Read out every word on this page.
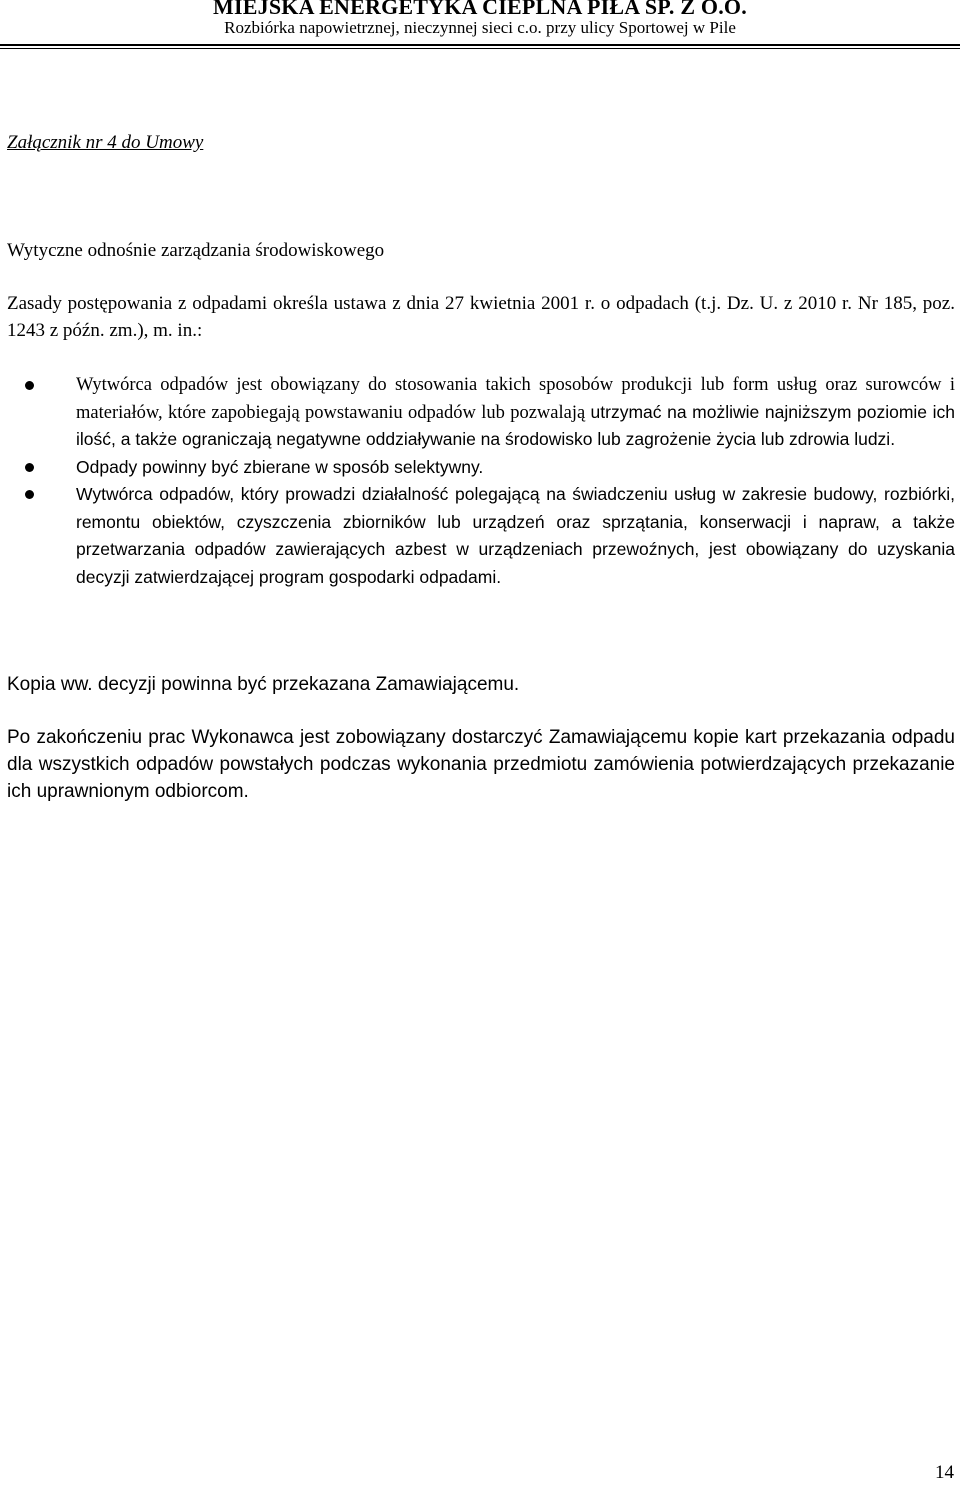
MIEJSKA ENERGETYKA CIEPLNA PIŁA SP. Z O.O.
Rozbiórka napowietrznej, nieczynnej sieci c.o. przy ulicy Sportowej w Pile
Załącznik nr 4 do Umowy
Wytyczne odnośnie zarządzania środowiskowego
Zasady postępowania z odpadami określa ustawa z dnia 27 kwietnia 2001 r. o odpadach (t.j. Dz. U. z 2010 r. Nr 185, poz. 1243 z późn. zm.), m. in.:
Wytwórca odpadów jest obowiązany do stosowania takich sposobów produkcji lub form usług oraz surowców i materiałów, które zapobiegają powstawaniu odpadów lub pozwalają utrzymać na możliwie najniższym poziomie ich ilość, a także ograniczają negatywne oddziaływanie na środowisko lub zagrożenie życia lub zdrowia ludzi.
Odpady powinny być zbierane w sposób selektywny.
Wytwórca odpadów, który prowadzi działalność polegającą na świadczeniu usług w zakresie budowy, rozbiórki, remontu obiektów, czyszczenia zbiorników lub urządzeń oraz sprzątania, konserwacji i napraw, a także przetwarzania odpadów zawierających azbest w urządzeniach przewoźnych, jest obowiązany do uzyskania decyzji zatwierdzającej program gospodarki odpadami.
Kopia ww. decyzji powinna być przekazana Zamawiającemu.
Po zakończeniu prac Wykonawca jest zobowiązany dostarczyć Zamawiającemu kopie kart przekazania odpadu dla wszystkich odpadów powstałych podczas wykonania przedmiotu zamówienia potwierdzających przekazanie ich uprawnionym odbiorcom.
14
